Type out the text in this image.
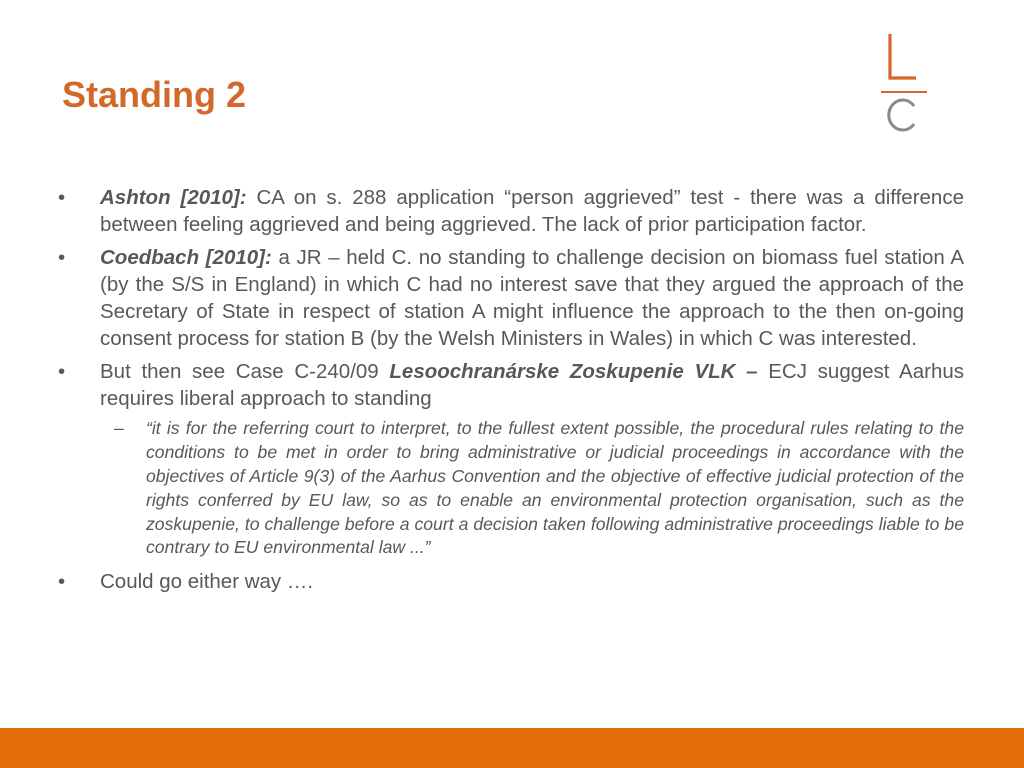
Standing 2
•	Ashton [2010]: CA on s. 288 application “person aggrieved” test - there was a difference between feeling aggrieved and being aggrieved. The lack of prior participation factor.
•	Coedbach [2010]: a JR – held C. no standing to challenge decision on biomass fuel station A (by the S/S in England) in which C had no interest save that they argued the approach of the Secretary of State in respect of station A might influence the approach to the then on-going consent process for station B (by the Welsh Ministers in Wales) in which C was interested.
•	But then see Case C-240/09 Lesoochranárske Zoskupenie VLK – ECJ suggest Aarhus requires liberal approach to standing
– “it is for the referring court to interpret, to the fullest extent possible, the procedural rules relating to the conditions to be met in order to bring administrative or judicial proceedings in accordance with the objectives of Article 9(3) of the Aarhus Convention and the objective of effective judicial protection of the rights conferred by EU law, so as to enable an environmental protection organisation, such as the zoskupenie, to challenge before a court a decision taken following administrative proceedings liable to be contrary to EU environmental law ...”
•	Could go either way ….
